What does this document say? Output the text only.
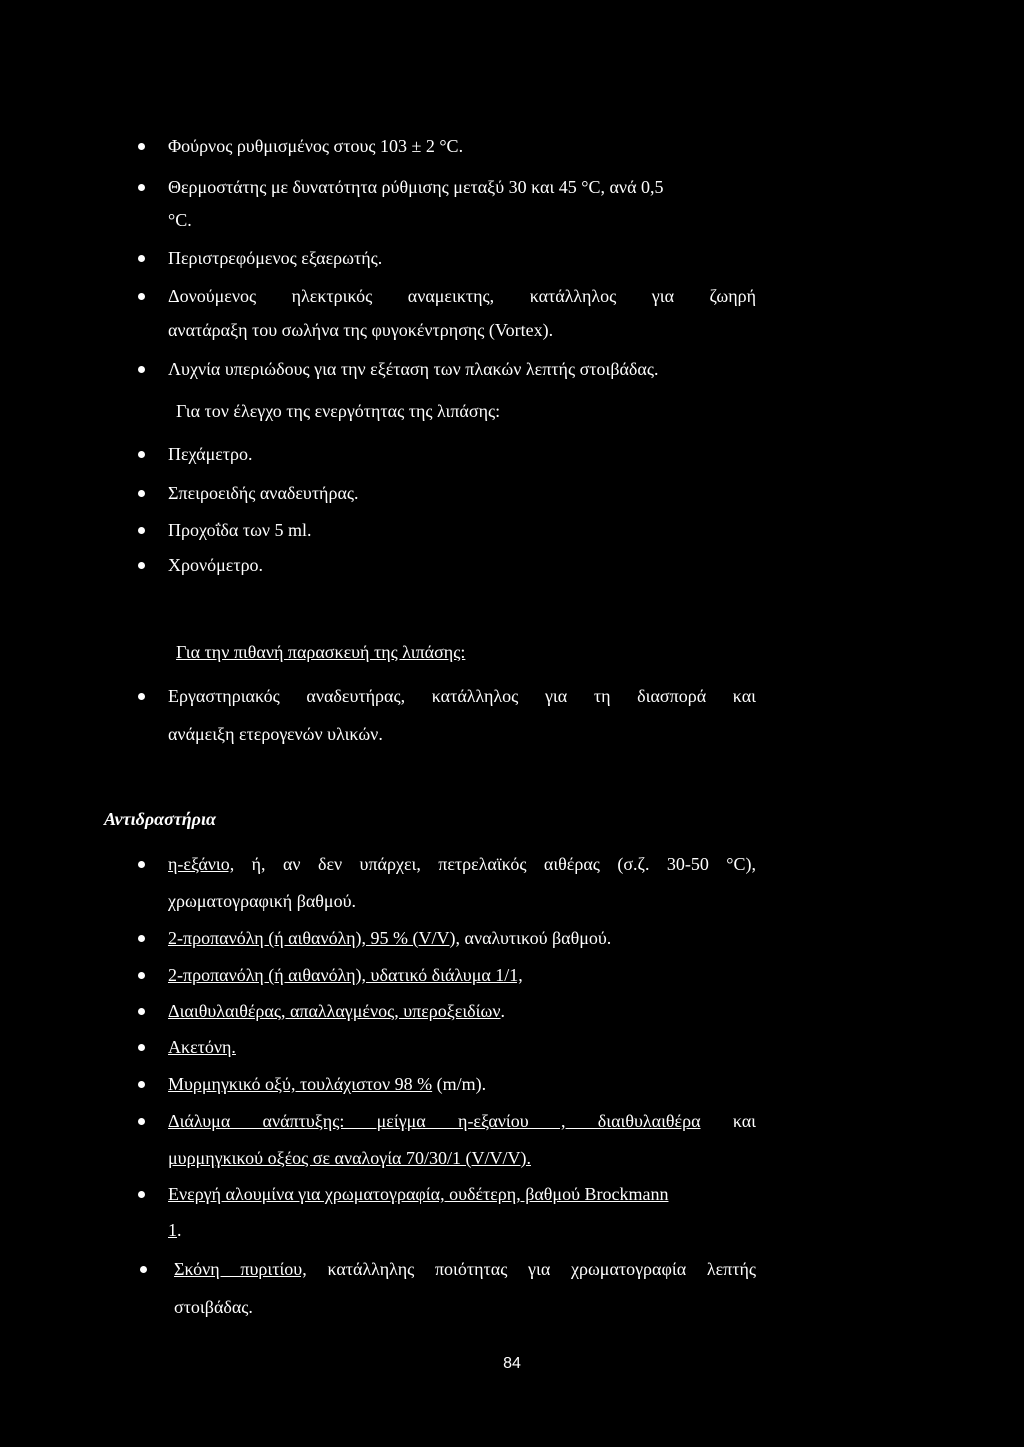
Φούρνος ρυθμισμένος στους 103 ± 2 °C.
Θερμοστάτης με δυνατότητα ρύθμισης μεταξύ 30 και 45 °C, ανά 0,5
°C.
Περιστρεφόμενος εξαερωτής.
Δονούμενος ηλεκτρικός αναμεικτης, κατάλληλος για ζωηρή
ανατάραξη του σωλήνα της φυγοκέντρησης (Vortex).
Λυχνία υπεριώδους για την εξέταση των πλακών λεπτής στοιβάδας.
Για τον έλεγχο της ενεργότητας της λιπάσης:
Πεχάμετρο.
Σπειροειδής αναδευτήρας.
Προχοΐδα των 5 ml.
Χρονόμετρο.
Για την πιθανή παρασκευή της λιπάσης:
Εργαστηριακός αναδευτήρας, κατάλληλος για τη διασπορά και
ανάμειξη ετερογενών υλικών.
Αντιδραστήρια
η-εξάνιο, ή, αν δεν υπάρχει, πετρελαϊκός αιθέρας (σ.ζ. 30-50 °C),
χρωματογραφική βαθμού.
2-προπανόλη (ή αιθανόλη), 95 % (V/V), αναλυτικού βαθμού.
2-προπανόλη (ή αιθανόλη), υδατικό διάλυμα 1/1,
Διαιθυλαιθέρας, απαλλαγμένος, υπεροξειδίων.
Ακετόνη.
Μυρμηγκικό οξύ, τουλάχιστον 98 % (m/m).
Διάλυμα ανάπτυξης: μείγμα η-εξανίου , διαιθυλαιθέρα και
μυρμηγκικού οξέος σε αναλογία 70/30/1 (V/V/V).
Ενεργή αλουμίνα για χρωματογραφία, ουδέτερη, βαθμού Brockmann
1.
Σκόνη πυριτίου, κατάλληλης ποιότητας για χρωματογραφία λεπτής
στοιβάδας.
84
